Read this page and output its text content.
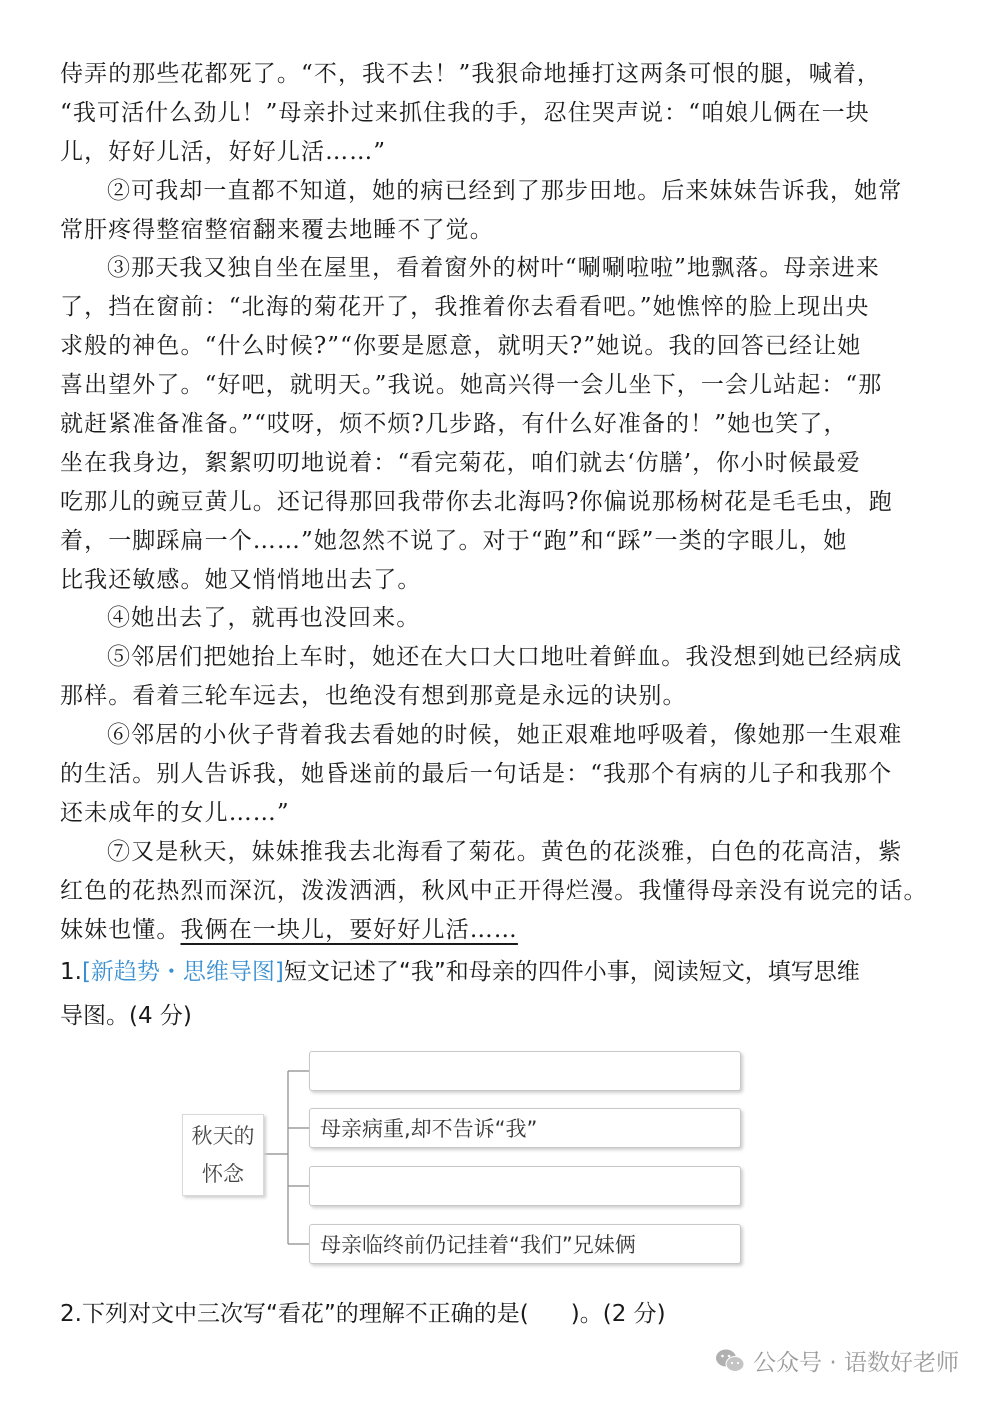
侍弄的那些花都死了。“不，我不去！”我狠命地捶打这两条可恨的腿，喊着，
“我可活什么劲儿！”母亲扑过来抓住我的手，忍住哭声说：“咱娘儿俩在一块
儿，好好儿活，好好儿活……”
②可我却一直都不知道，她的病已经到了那步田地。后来妹妹告诉我，她常
常肝疼得整宿整宿翻来覆去地睡不了觉。
③那天我又独自坐在屋里，看着窗外的树叶“唰唰啦啦”地飘落。母亲进来
了，挡在窗前：“北海的菊花开了，我推着你去看看吧。”她憔悴的脸上现出央
求般的神色。“什么时候?”“你要是愿意，就明天?”她说。我的回答已经让她
喜出望外了。“好吧，就明天。”我说。她高兴得一会儿坐下，一会儿站起：“那
就赶紧准备准备。”“哎呀，烦不烦?几步路，有什么好准备的！”她也笑了，
坐在我身边，絮絮叨叨地说着：“看完菊花，咱们就去‘仿膳’，你小时候最爱
吃那儿的豌豆黄儿。还记得那回我带你去北海吗?你偏说那杨树花是毛毛虫，跑
着，一脚踩扁一个……”她忽然不说了。对于“跑”和“踩”一类的字眼儿，她
比我还敏感。她又悄悄地出去了。
④她出去了，就再也没回来。
⑤邻居们把她抬上车时，她还在大口大口地吐着鲜血。我没想到她已经病成
那样。看着三轮车远去，也绝没有想到那竟是永远的诀别。
⑥邻居的小伙子背着我去看她的时候，她正艰难地呼吸着，像她那一生艰难
的生活。别人告诉我，她昏迷前的最后一句话是：“我那个有病的儿子和我那个
还未成年的女儿……”
⑦又是秋天，妹妹推我去北海看了菊花。黄色的花淡雅，白色的花高洁，紫
红色的花热烈而深沉，泼泼洒洒，秋风中正开得烂漫。我懂得母亲没有说完的话。
妹妹也懂。我俩在一块儿，要好好儿活……
1.[新趋势・思维导图]短文记述了“我”和母亲的四件小事，阅读短文，填写思维
导图。(4 分)
秋天的
怀念
母亲病重,却不告诉“我”
母亲临终前仍记挂着“我们”兄妹俩
2.下列对文中三次写“看花”的理解不正确的是( )。(2 分)
公众号 · 语数好老师
